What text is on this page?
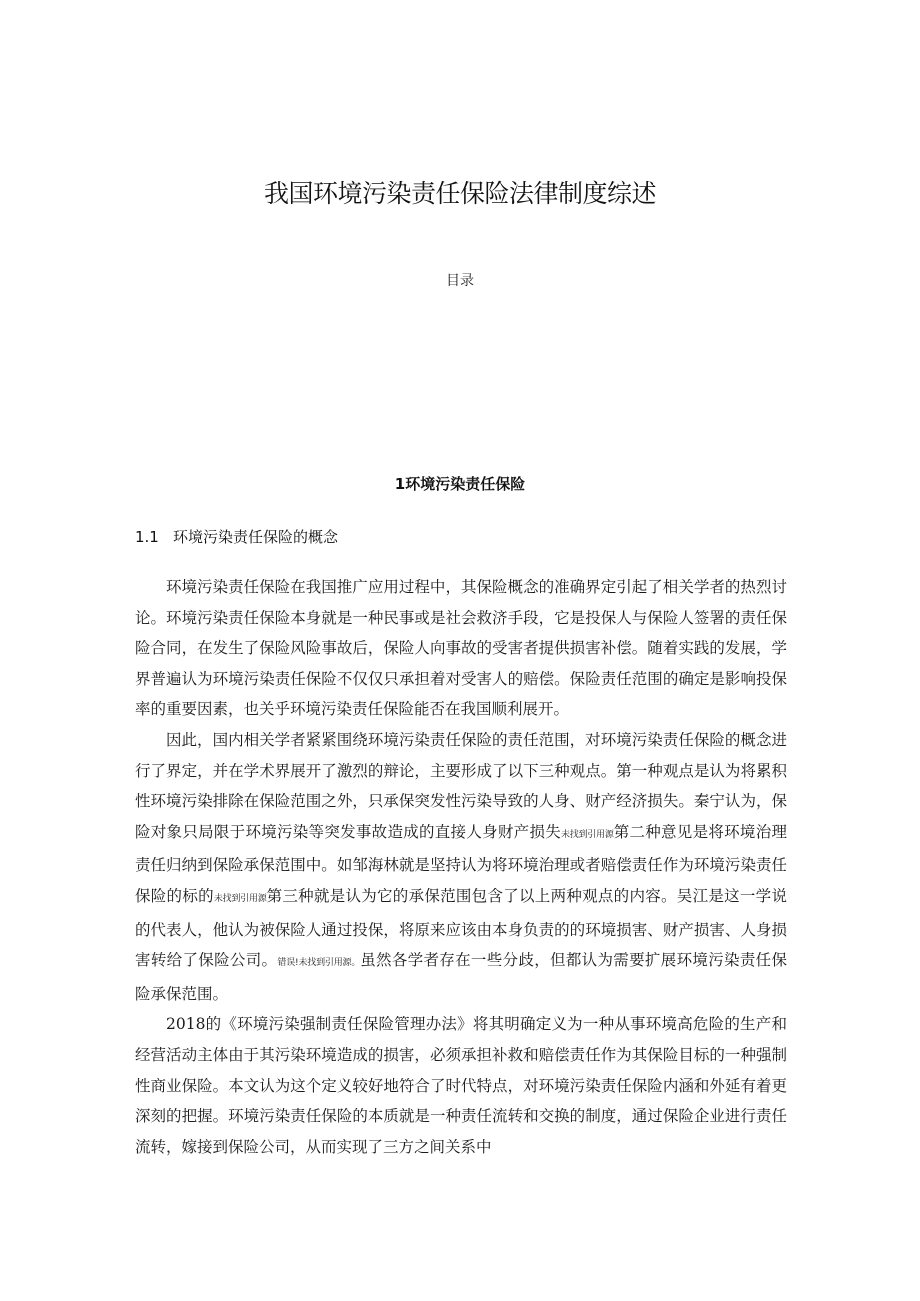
我国环境污染责任保险法律制度综述
目录
1环境污染责任保险
1.1 环境污染责任保险的概念

环境污染责任保险在我国推广应用过程中，其保险概念的准确界定引起了相关学者的热烈讨论。环境污染责任保险本身就是一种民事或是社会救济手段，它是投保人与保险人签署的责任保险合同，在发生了保险风险事故后，保险人向事故的受害者提供损害补偿。随着实践的发展，学界普遍认为环境污染责任保险不仅仅只承担着对受害人的赔偿。保险责任范围的确定是影响投保率的重要因素，也关乎环境污染责任保险能否在我国顺利展开。

因此，国内相关学者紧紧围绕环境污染责任保险的责任范围，对环境污染责任保险的概念进行了界定，并在学术界展开了激烈的辩论，主要形成了以下三种观点。第一种观点是认为将累积性环境污染排除在保险范围之外，只承保突发性污染导致的人身、财产经济损失。秦宁认为，保险对象只局限于环境污染等突发事故造成的直接人身财产损失未找到引用源第二种意见是将环境治理责任归纳到保险承保范围中。如邹海林就是坚持认为将环境治理或者赔偿责任作为环境污染责任保险的标的未找到引用源第三种就是认为它的承保范围包含了以上两种观点的内容。吴江是这一学说的代表人，他认为被保险人通过投保，将原来应该由本身负责的的环境损害、财产损害、人身损害转给了保险公司。错误!未找到引用源。虽然各学者存在一些分歧，但都认为需要扩展环境污染责任保险承保范围。

2018的《环境污染强制责任保险管理办法》将其明确定义为一种从事环境高危险的生产和经营活动主体由于其污染环境造成的损害，必须承担补救和赔偿责任作为其保险目标的一种强制性商业保险。本文认为这个定义较好地符合了时代特点，对环境污染责任保险内涵和外延有着更深刻的把握。环境污染责任保险的本质就是一种责任流转和交换的制度，通过保险企业进行责任流转，嫁接到保险公司，从而实现了三方之间关系中
